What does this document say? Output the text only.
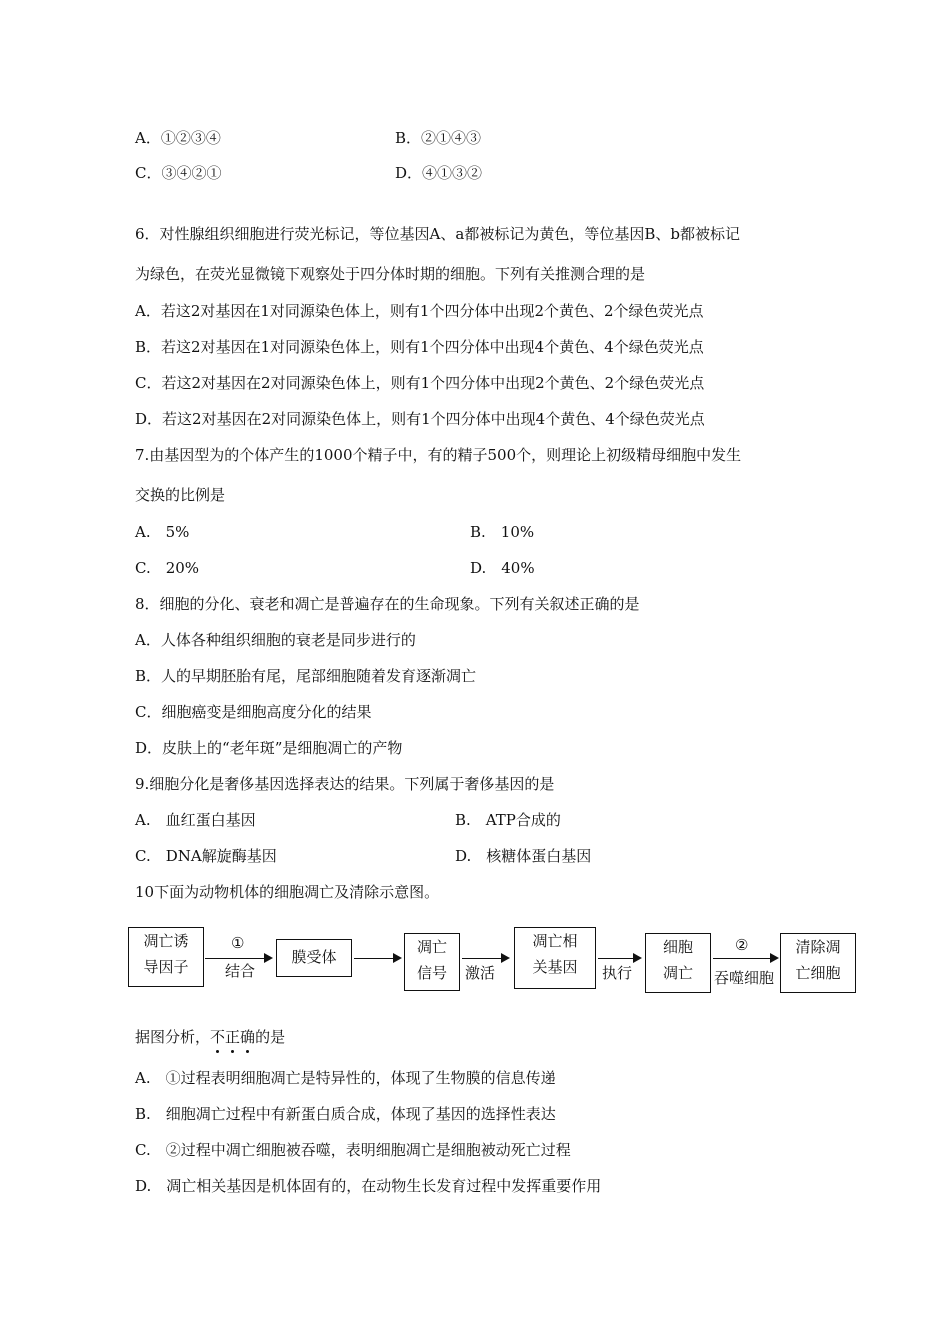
A．①②③④	B．②①④③
C．③④②①	D．④①③②
6．对性腺组织细胞进行荧光标记，等位基因A、a都被标记为黄色，等位基因B、b都被标记
为绿色，在荧光显微镜下观察处于四分体时期的细胞。下列有关推测合理的是
A．若这2对基因在1对同源染色体上，则有1个四分体中出现2个黄色、2个绿色荧光点
B．若这2对基因在1对同源染色体上，则有1个四分体中出现4个黄色、4个绿色荧光点
C．若这2对基因在2对同源染色体上，则有1个四分体中出现2个黄色、2个绿色荧光点
D．若这2对基因在2对同源染色体上，则有1个四分体中出现4个黄色、4个绿色荧光点
7.由基因型为的个体产生的1000个精子中，有的精子500个，则理论上初级精母细胞中发生
交换的比例是
A.　5%	B.　10%
C.　20%	D.　40%
8．细胞的分化、衰老和凋亡是普遍存在的生命现象。下列有关叙述正确的是
A．人体各种组织细胞的衰老是同步进行的
B．人的早期胚胎有尾，尾部细胞随着发育逐渐凋亡
C．细胞癌变是细胞高度分化的结果
D．皮肤上的“老年斑”是细胞凋亡的产物
9.细胞分化是奢侈基因选择表达的结果。下列属于奢侈基因的是
A.　血红蛋白基因	B.　ATP合成的
C.　DNA解旋酶基因	D.　核糖体蛋白基因
10下面为动物机体的细胞凋亡及清除示意图。
凋亡诱
导因子
①
结合
膜受体
凋亡
信号	激活
凋亡相
关基因	执行
细胞
凋亡
②
吞噬细胞
清除凋
亡细胞
据图分析，不正确的是
A.　①过程表明细胞凋亡是特异性的，体现了生物膜的信息传递
B.　细胞凋亡过程中有新蛋白质合成，体现了基因的选择性表达
C.　②过程中凋亡细胞被吞噬，表明细胞凋亡是细胞被动死亡过程
D.　凋亡相关基因是机体固有的，在动物生长发育过程中发挥重要作用
